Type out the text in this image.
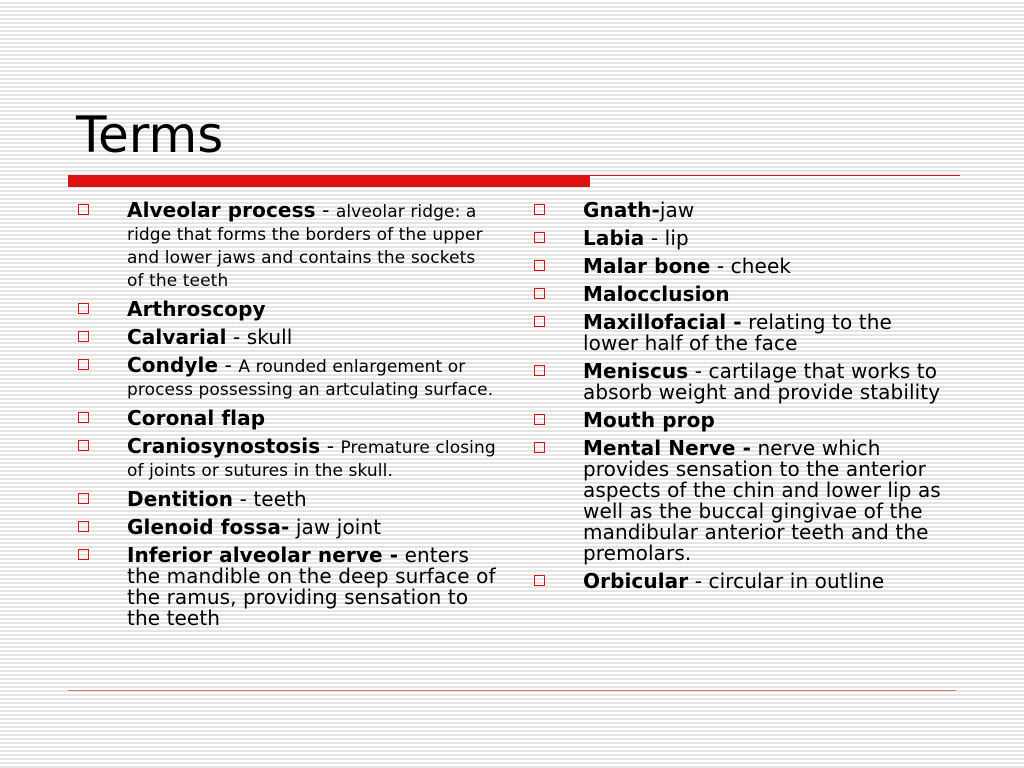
Terms
Alveolar process - alveolar ridge: a ridge that forms the borders of the upper and lower jaws and contains the sockets of the teeth
Arthroscopy
Calvarial - skull
Condyle - A rounded enlargement or process possessing an artculating surface.
Coronal flap
Craniosynostosis - Premature closing of joints or sutures in the skull.
Dentition - teeth
Glenoid fossa- jaw joint
Inferior alveolar nerve - enters the mandible on the deep surface of the ramus, providing sensation to the teeth
Gnath-jaw
Labia - lip
Malar bone - cheek
Malocclusion
Maxillofacial - relating to the lower half of the face
Meniscus - cartilage that works to absorb weight and provide stability
Mouth prop
Mental Nerve - nerve which provides sensation to the anterior aspects of the chin and lower lip as well as the buccal gingivae of the mandibular anterior teeth and the premolars.
Orbicular - circular in outline
